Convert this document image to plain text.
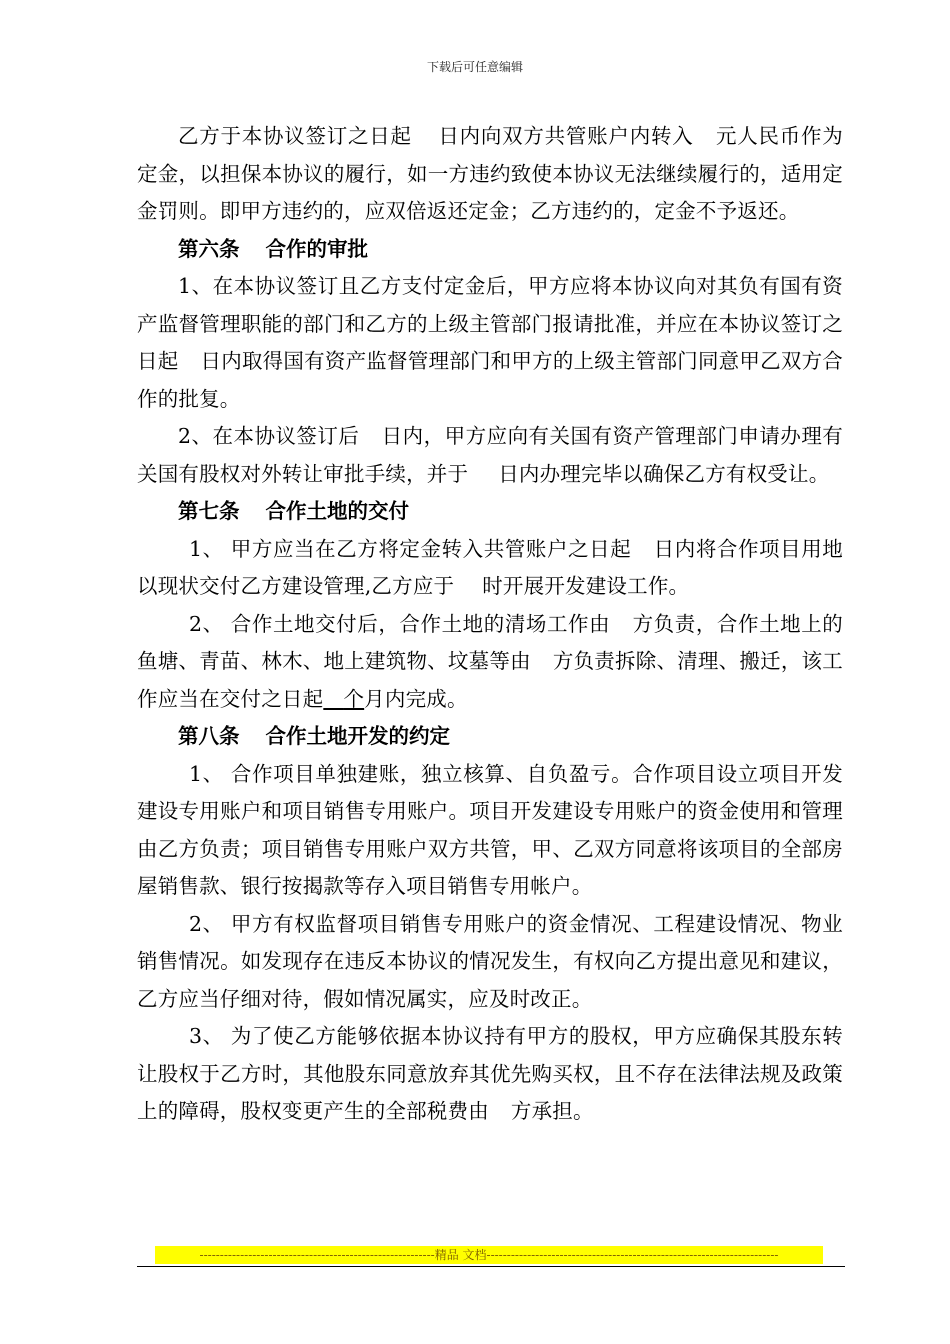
下载后可任意编辑

乙方于本协议签订之日起 日内向双方共管账户内转入 元人民币作为定金，以担保本协议的履行，如一方违约致使本协议无法继续履行的，适用定金罚则。即甲方违约的，应双倍返还定金；乙方违约的，定金不予返还。

第六条 合作的审批

1、在本协议签订且乙方支付定金后，甲方应将本协议向对其负有国有资产监督管理职能的部门和乙方的上级主管部门报请批准，并应在本协议签订之日起 日内取得国有资产监督管理部门和甲方的上级主管部门同意甲乙双方合作的批复。

2、在本协议签订后 日内，甲方应向有关国有资产管理部门申请办理有关国有股权对外转让审批手续，并于 日内办理完毕以确保乙方有权受让。

第七条 合作土地的交付

1、 甲方应当在乙方将定金转入共管账户之日起 日内将合作项目用地以现状交付乙方建设管理,乙方应于 时开展开发建设工作。

2、 合作土地交付后，合作土地的清场工作由 方负责，合作土地上的鱼塘、青苗、林木、地上建筑物、坟墓等由 方负责拆除、清理、搬迁，该工作应当在交付之日起 个月内完成。

第八条 合作土地开发的约定

1、 合作项目单独建账，独立核算、自负盈亏。合作项目设立项目开发建设专用账户和项目销售专用账户。项目开发建设专用账户的资金使用和管理由乙方负责；项目销售专用账户双方共管，甲、乙双方同意将该项目的全部房屋销售款、银行按揭款等存入项目销售专用帐户。

2、 甲方有权监督项目销售专用账户的资金情况、工程建设情况、物业销售情况。如发现存在违反本协议的情况发生，有权向乙方提出意见和建议，乙方应当仔细对待，假如情况属实，应及时改正。

3、 为了使乙方能够依据本协议持有甲方的股权，甲方应确保其股东转让股权于乙方时，其他股东同意放弃其优先购买权，且不存在法律法规及政策上的障碍，股权变更产生的全部税费由 方承担。

----------------------------------------------------------精品 文档------------------------------------------------------------------------
